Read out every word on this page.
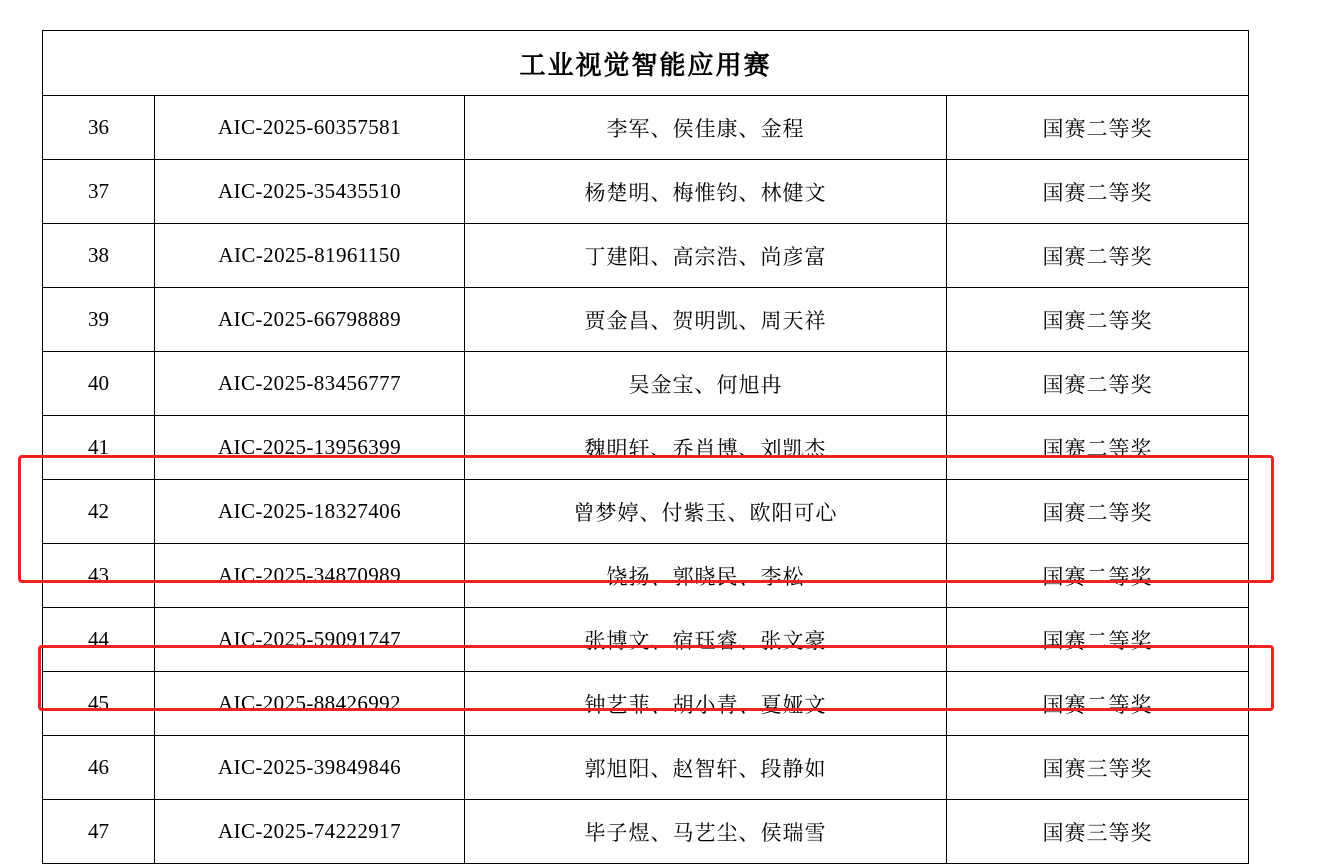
工业视觉智能应用赛			
36	AIC-2025-60357581	李军、侯佳康、金程	国赛二等奖
37	AIC-2025-35435510	杨楚明、梅惟钧、林健文	国赛二等奖
38	AIC-2025-81961150	丁建阳、高宗浩、尚彦富	国赛二等奖
39	AIC-2025-66798889	贾金昌、贺明凯、周天祥	国赛二等奖
40	AIC-2025-83456777	吴金宝、何旭冉	国赛二等奖
41	AIC-2025-13956399	魏明轩、乔肖博、刘凯杰	国赛二等奖
42	AIC-2025-18327406	曾梦婷、付紫玉、欧阳可心	国赛二等奖
43	AIC-2025-34870989	饶扬、郭晓民、李松	国赛二等奖
44	AIC-2025-59091747	张博文、宿珏睿、张文豪	国赛二等奖
45	AIC-2025-88426992	钟艺菲、胡小青、夏娅文	国赛二等奖
46	AIC-2025-39849846	郭旭阳、赵智轩、段静如	国赛三等奖
47	AIC-2025-74222917	毕子煜、马艺尘、侯瑞雪	国赛三等奖
